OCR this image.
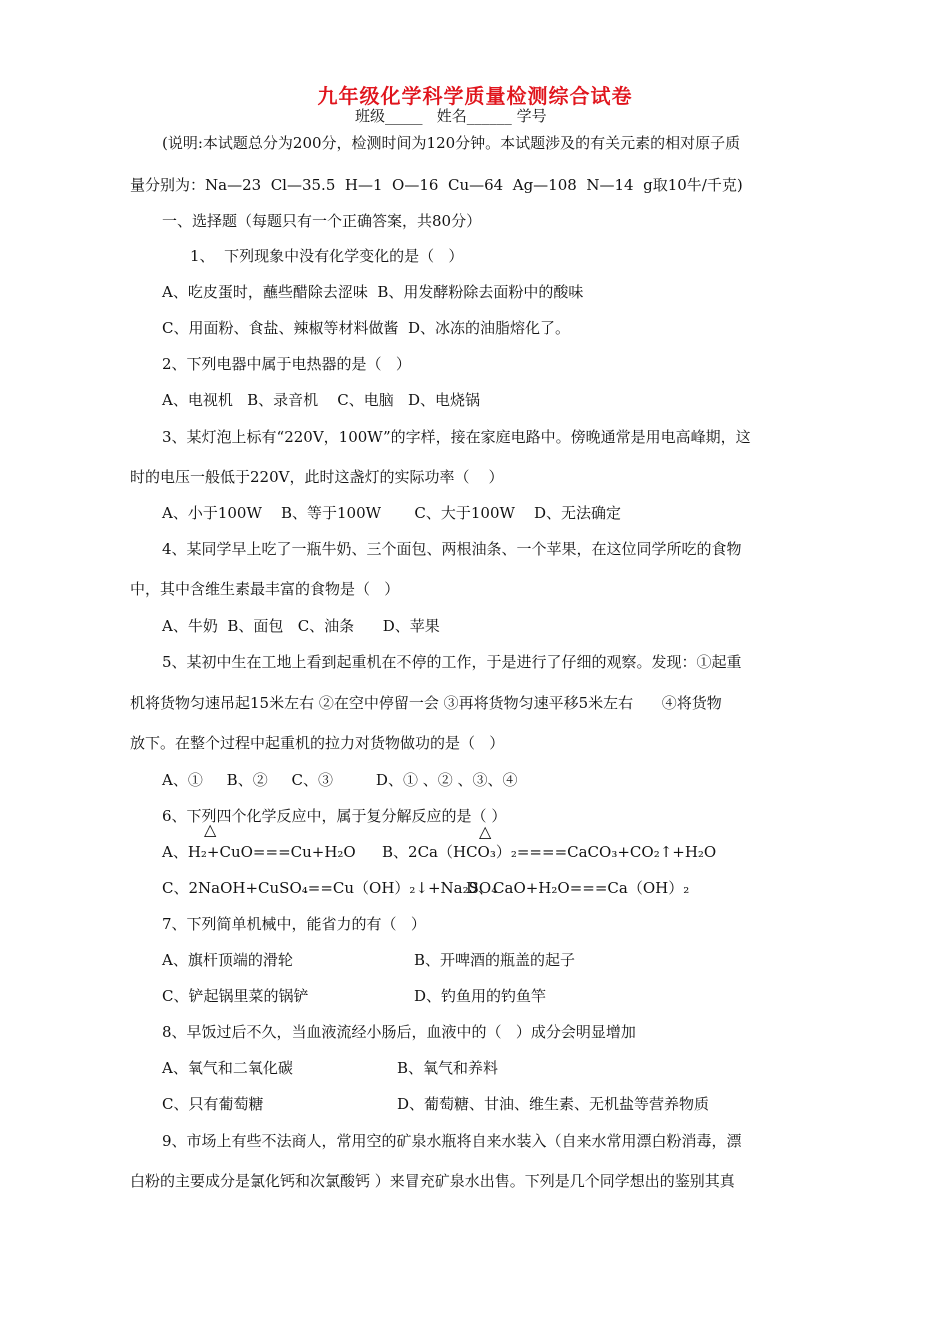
九年级化学科学质量检测综合试卷
班级_____   姓名______ 学号
(说明:本试题总分为200分，检测时间为120分钟。本试题涉及的有关元素的相对原子质
量分别为：Na—23  Cl—35.5  H—1  O—16  Cu—64  Ag—108  N—14  g取10牛/千克)
一、选择题（每题只有一个正确答案，共80分）
1、  下列现象中没有化学变化的是（   ）
A、吃皮蛋时，蘸些醋除去涩味  B、用发酵粉除去面粉中的酸味
C、用面粉、食盐、辣椒等材料做酱  D、冰冻的油脂熔化了。
2、下列电器中属于电热器的是（   ）
A、电视机   B、录音机    C、电脑   D、电烧锅
3、某灯泡上标有“220V，100W”的字样，接在家庭电路中。傍晚通常是用电高峰期，这
时的电压一般低于220V，此时这盏灯的实际功率（    ）
A、小于100W    B、等于100W       C、大于100W    D、无法确定
4、某同学早上吃了一瓶牛奶、三个面包、两根油条、一个苹果，在这位同学所吃的食物
中，其中含维生素最丰富的食物是（   ）
A、牛奶  B、面包   C、油条      D、苹果
5、某初中生在工地上看到起重机在不停的工作，于是进行了仔细的观察。发现：①起重
机将货物匀速吊起15米左右 ②在空中停留一会 ③再将货物匀速平移5米左右      ④将货物
放下。在整个过程中起重机的拉力对货物做功的是（   ）
A、①     B、②     C、③         D、① 、② 、③、④
6、下列四个化学反应中，属于复分解反应的是（ ）
△	△
A、H₂+CuO===Cu+H₂O B、2Ca（HCO₃）₂====CaCO₃+CO₂↑+H₂O
C、2NaOH+CuSO₄==Cu（OH）₂↓+Na₂SO₄
D、CaO+H₂O===Ca（OH）₂
7、下列简单机械中，能省力的有（   ）
A、旗杆顶端的滑轮	B、开啤酒的瓶盖的起子
C、铲起锅里菜的锅铲	D、钓鱼用的钓鱼竿
8、早饭过后不久，当血液流经小肠后，血液中的（   ）成分会明显增加
A、氧气和二氧化碳	B、氧气和养料
C、只有葡萄糖	D、葡萄糖、甘油、维生素、无机盐等营养物质
9、市场上有些不法商人，常用空的矿泉水瓶将自来水装入（自来水常用漂白粉消毒，漂
白粉的主要成分是氯化钙和次氯酸钙 ）来冒充矿泉水出售。下列是几个同学想出的鉴别其真
